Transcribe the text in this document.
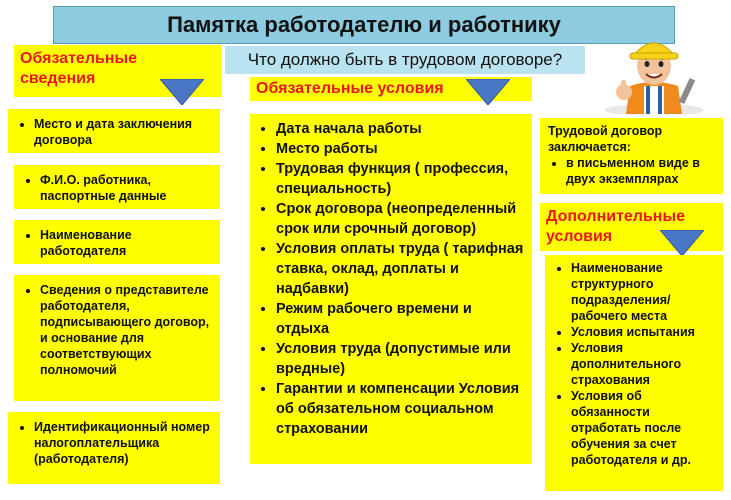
Памятка работодателю и работнику
Что должно быть в трудовом договоре?
Обязательные сведения
• Место и дата заключения договора
• Ф.И.О. работника, паспортные данные
• Наименование работодателя
• Сведения о представителе работодателя, подписывающего договор, и основание для соответствующих полномочий
• Идентификационный номер налогоплательщика (работодателя)
Обязательные условия
• Дата начала работы
• Место работы
• Трудовая функция ( профессия, специальность)
• Срок договора (неопределенный срок или срочный договор)
• Условия оплаты труда ( тарифная ставка, оклад, доплаты и надбавки)
• Режим рабочего времени и отдыха
• Условия труда (допустимые или вредные)
• Гарантии и компенсации Условия об обязательном социальном страховании
Трудовой договор заключается:
• в письменном виде в двух экземплярах
Дополнительные условия
• Наименование структурного подразделения/ рабочего места
• Условия испытания
• Условия дополнительного страхования
• Условия об обязанности отработать после обучения за счет работодателя и др.
